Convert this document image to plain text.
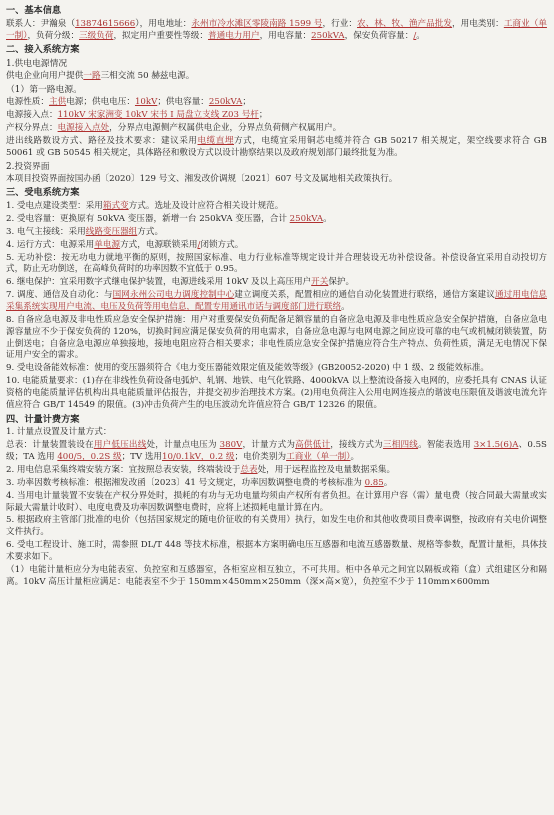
一、基本信息

联系人：尹瀚泉（13874615666），用电地址：永州市冷水滩区零陵南路 1599 号，行业：农、林、牧、渔产品批发，用电类别：工商业（单一制），负荷分级：三级负荷，拟定用户重要性等级：普通电力用户，用电容量：250kVA，保安负荷容量：/。

二、接入系统方案
1.供电电源情况

供电企业向用户提供一路三相交流 50 赫兹电源。

（1）第一路电源。

电源性质：主供电源；供电电压：10kV；供电容量：250kVA；

电源接入点：110kV 宋家洲变 10kV 宋书 I 局盘立支线 Z03 号杆；

产权分界点：电源接入点处，分界点电源侧产权属供电企业，分界点负荷侧产权属用户。

进出线路数设方式、路径及技术要求：建议采用电缆直埋方式，电缆宜采用铜芯电缆并符合 GB 50217 相关规定，架空线要求符合 GB 50061 或 GB 50545 相关规定，具体路径和敷设方式以设计勘察结果以及政府规划部门最终批复为准。

2.投资界面

本项目投资界面按国办函〔2020〕129 号文、湘发改价调规〔2021〕607 号文及属地相关政策执行。

三、受电系统方案

1. 受电点建设类型：采用箱式变方式。选址及设计应符合相关设计规范。

2. 受电容量：更换原有 50kVA 变压器，新增一台 250kVA 变压器，合计 250kVA。

3. 电气主接线：采用线路变压器组方式。

4. 运行方式：电源采用单电源方式，电源联锁采用/闭锁方式。

5. 无功补偿：按无功电力就地平衡的原则，按照国家标准、电力行业标准等规定设计并合理装设无功补偿设备。补偿设备宜采用自动投切方式，防止无功倒送，在高峰负荷时的功率因数不宜低于 0.95。

6. 继电保护：宜采用数字式继电保护装置，电源进线采用 10kV 及以上高压用户开关保护。

7. 调度、通信及自动化：与国网永州公司电力调度控制中心建立调度关系，配置相应的通信自动化装置进行联络，通信方案建议通过用电信息采集系统实现用户电流、电压及负荷等用电信息，配置专用通讯市话与调度部门进行联络。

8. 自备应急电源及非电性质应急安全保护措施：用户对重要保安负荷配备足额容量的自备应急电源及非电性质应急安全保护措施，自备应急电源容量应不少于保安负荷的 120%，切换时间应满足保安负荷的用电需求，自备应急电源与电网电源之间应设可靠的电气或机械闭锁装置，防止倒送电；自备应急电源应单独接地，接地电阻应符合相关要求；非电性质应急安全保护措施应符合生产特点、负荷性质，满足无电情况下保证用户安全的需求。

9. 受电设备能效标准：使用的变压器须符合《电力变压器能效限定值及能效等级》(GB20052-2020) 中 1 级、2 级能效标准。

10. 电能质量要求：(1)存在非线性负荷设备电弧炉、轧钢、地铁、电气化铁路、4000kVA 以上整流设备接入电网的，应委托具有 CNAS 认证资格的电能质量评估机构出具电能质量评估报告，并提交初步治理技术方案。(2)用电负荷注入公用电网连接点的谐波电压限值及谐波电流允许值应符合 GB/T 14549 的限值。(3)冲击负荷产生的电压波动允许值应符合 GB/T 12326 的限值。

四、计量计费方案

1. 计量点设置及计量方式：

总表：计量装置装设在用户低压出线处，计量点电压为 380V，计量方式为高供低计，接线方式为三相四线。智能表选用 3×1.5(6)A、0.5S 级；TA 选用 400/5，0.2S 级；TV 选用10/0.1kV，0.2 级；电价类别为工商业（单一制）。

2. 用电信息采集终端安装方案：宜按照总表安装，终端装设于总表处，用于远程监控及电量数据采集。

3. 功率因数考核标准：根据湘发改函〔2023〕41 号文规定，功率因数调整电费的考核标准为 0.85。

4. 当用电计量装置不安装在产权分界处时，损耗的有功与无功电量均须由产权所有者负担。在计算用户容（需）量电费（按合同最大需量或实际最大需量计收时）、电度电费及功率因数调整电费时，应将上述损耗电量计算在内。

5. 根据政府主管部门批准的电价（包括国家规定的随电价征收的有关费用）执行，如发生电价和其他收费项目费率调整，按政府有关电价调整文件执行。

6. 受电工程设计、施工时，需参照 DL/T 448 等技术标准，根据本方案明确电压互感器和电流互感器数量、规格等参数，配置计量柜，具体技术要求如下。

（1）电能计量柜应分为电能表室、负控室和互感器室，各柜室应相互独立，不可共用。柜中各单元之间宜以隔板或箱（盒）式组建区分和隔离。10kV 高压计量柜应满足：电能表室不少于 150mm×450mm×250mm（深×高×宽），负控室不少于 110mm×600mm
